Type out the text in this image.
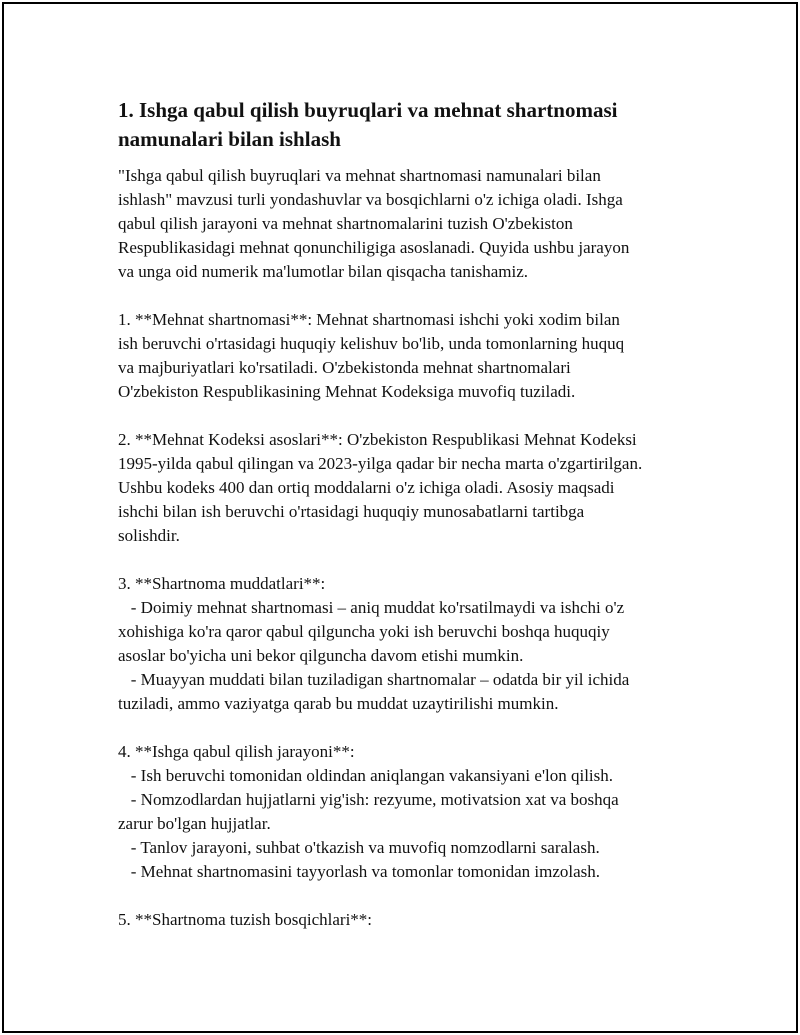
1. Ishga qabul qilish buyruqlari va mehnat shartnomasi
namunalari bilan ishlash
"Ishga qabul qilish buyruqlari va mehnat shartnomasi namunalari bilan
ishlash" mavzusi turli yondashuvlar va bosqichlarni o'z ichiga oladi. Ishga
qabul qilish jarayoni va mehnat shartnomalarini tuzish O'zbekiston
Respublikasidagi mehnat qonunchiligiga asoslanadi. Quyida ushbu jarayon
va unga oid numerik ma'lumotlar bilan qisqacha tanishamiz.
1. **Mehnat shartnomasi**: Mehnat shartnomasi ishchi yoki xodim bilan
ish beruvchi o'rtasidagi huquqiy kelishuv bo'lib, unda tomonlarning huquq
va majburiyatlari ko'rsatiladi. O'zbekistonda mehnat shartnomalari
O'zbekiston Respublikasining Mehnat Kodeksiga muvofiq tuziladi.
2. **Mehnat Kodeksi asoslari**: O'zbekiston Respublikasi Mehnat Kodeksi
1995-yilda qabul qilingan va 2023-yilga qadar bir necha marta o'zgartirilgan.
Ushbu kodeks 400 dan ortiq moddalarni o'z ichiga oladi. Asosiy maqsadi
ishchi bilan ish beruvchi o'rtasidagi huquqiy munosabatlarni tartibga
solishdir.
3. **Shartnoma muddatlari**:
- Doimiy mehnat shartnomasi – aniq muddat ko'rsatilmaydi va ishchi o'z
xohishiga ko'ra qaror qabul qilguncha yoki ish beruvchi boshqa huquqiy
asoslar bo'yicha uni bekor qilguncha davom etishi mumkin.
- Muayyan muddati bilan tuziladigan shartnomalar – odatda bir yil ichida
tuziladi, ammo vaziyatga qarab bu muddat uzaytirilishi mumkin.
4. **Ishga qabul qilish jarayoni**:
- Ish beruvchi tomonidan oldindan aniqlangan vakansiyani e'lon qilish.
- Nomzodlardan hujjatlarni yig'ish: rezyume, motivatsion xat va boshqa
zarur bo'lgan hujjatlar.
- Tanlov jarayoni, suhbat o'tkazish va muvofiq nomzodlarni saralash.
- Mehnat shartnomasini tayyorlash va tomonlar tomonidan imzolash.
5. **Shartnoma tuzish bosqichlari**:
